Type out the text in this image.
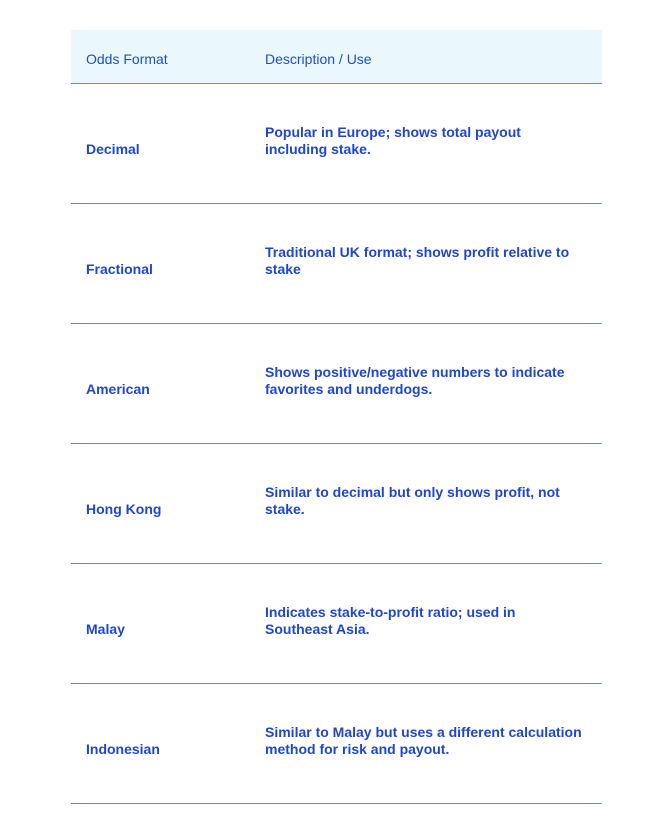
Odds Format	Description / Use
Decimal
Popular in Europe; shows total payout including stake.
Fractional
Traditional UK format; shows profit relative to stake
American
Shows positive/negative numbers to indicate favorites and underdogs.
Hong Kong
Similar to decimal but only shows profit, not stake.
Malay
Indicates stake-to-profit ratio; used in Southeast Asia.
Indonesian
Similar to Malay but uses a different calculation method for risk and payout.
